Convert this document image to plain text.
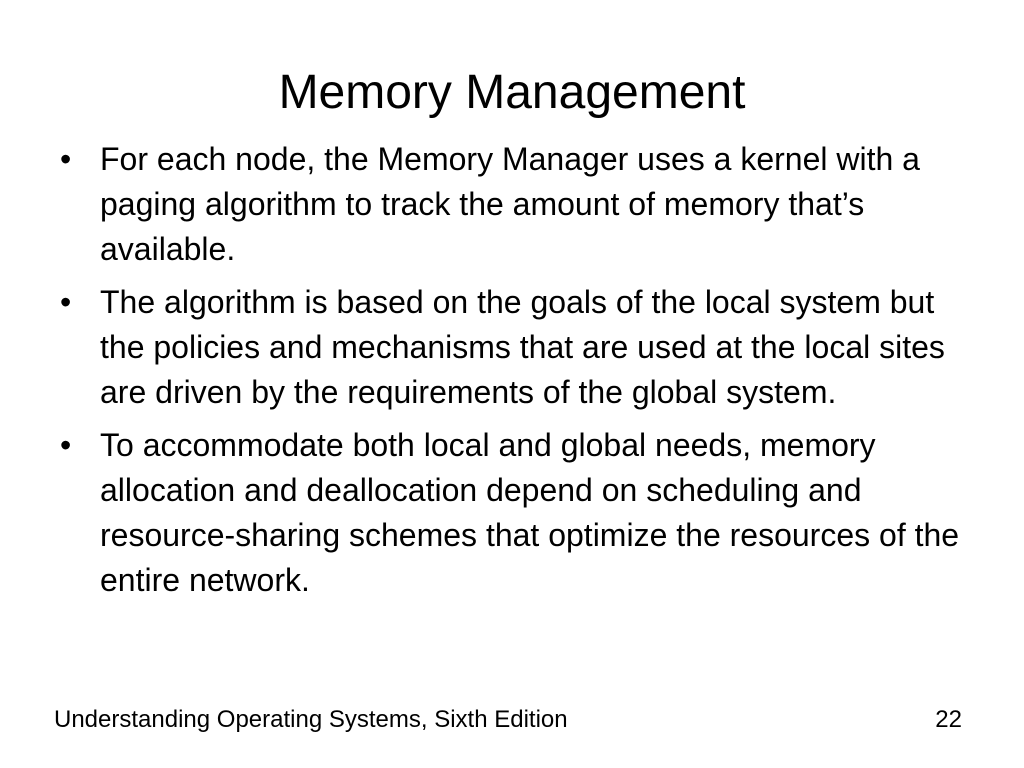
Memory Management
• For each node, the Memory Manager uses a kernel with a paging algorithm to track the amount of memory that’s available.
• The algorithm is based on the goals of the local system but the policies and mechanisms that are used at the local sites are driven by the requirements of the global system.
• To accommodate both local and global needs, memory allocation and deallocation depend on scheduling and resource-sharing schemes that optimize the resources of the entire network.
Understanding Operating Systems, Sixth Edition	22
